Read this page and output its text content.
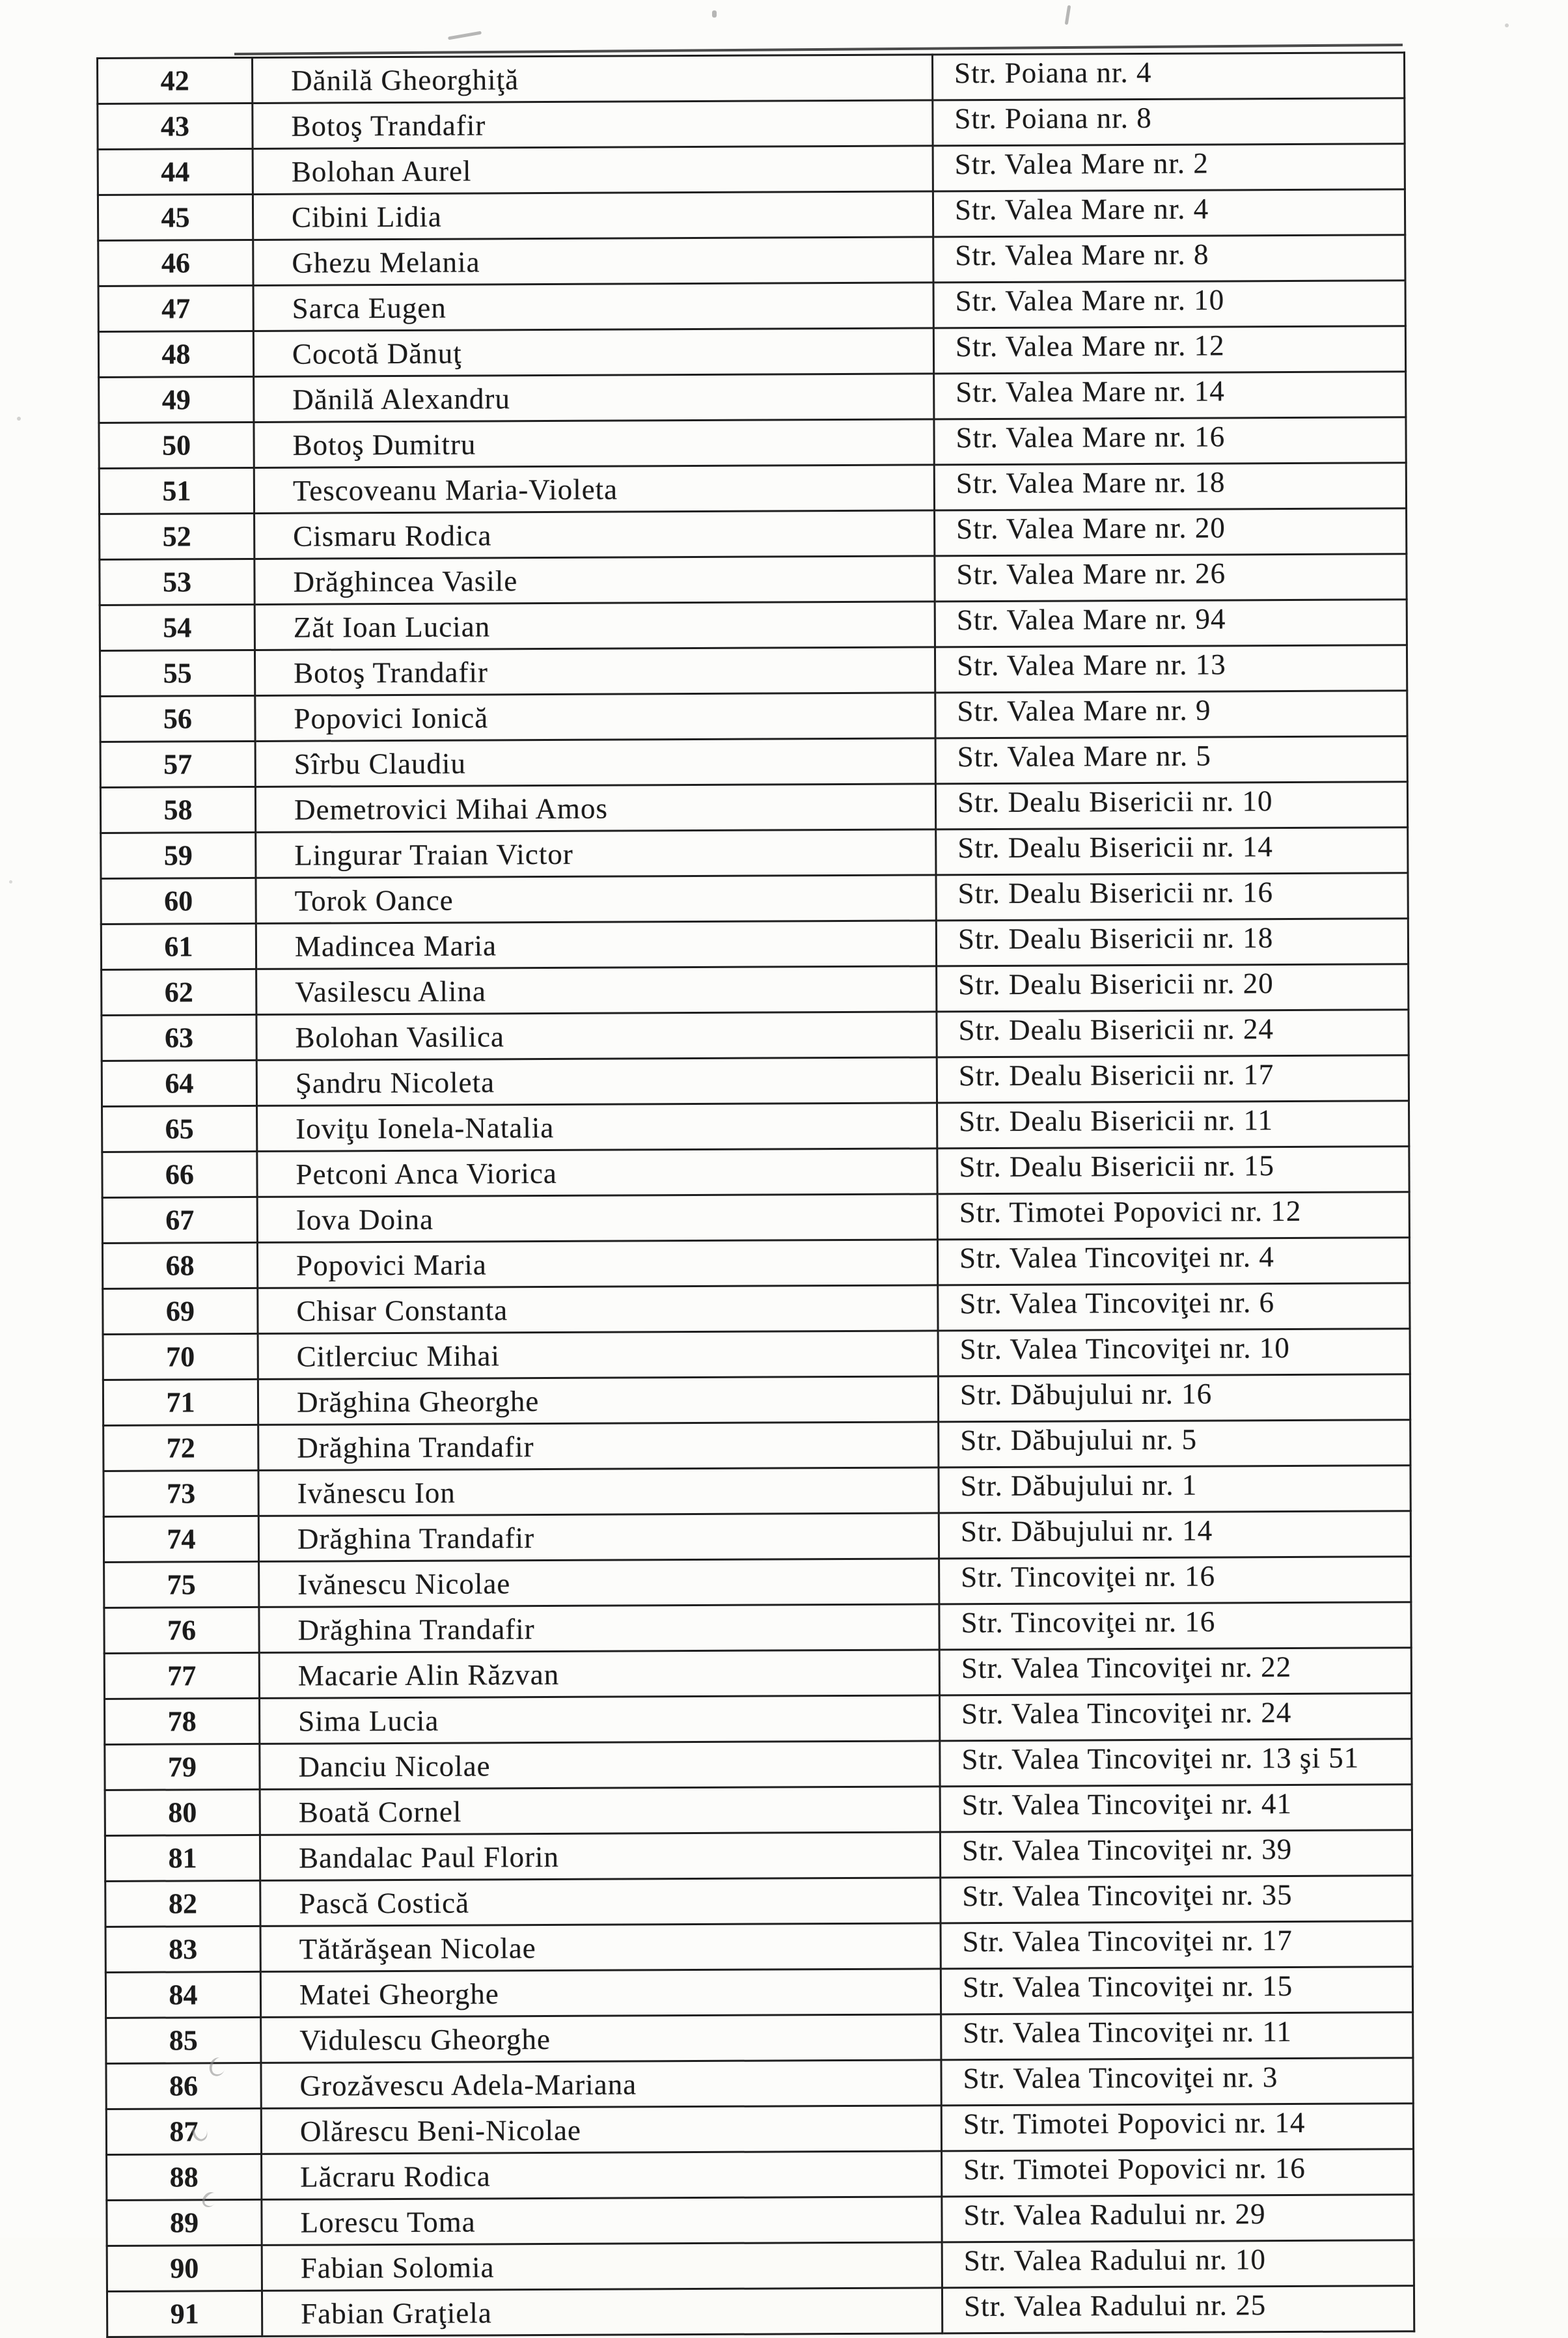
42	Dănilă Gheorghiţă	Str. Poiana nr. 4
43	Botoş Trandafir	Str. Poiana nr. 8
44	Bolohan Aurel	Str. Valea Mare nr. 2
45	Cibini Lidia	Str. Valea Mare nr. 4
46	Ghezu Melania	Str. Valea Mare nr. 8
47	Sarca Eugen	Str. Valea Mare nr. 10
48	Cocotă Dănuţ	Str. Valea Mare nr. 12
49	Dănilă Alexandru	Str. Valea Mare nr. 14
50	Botoş Dumitru	Str. Valea Mare nr. 16
51	Tescoveanu Maria-Violeta	Str. Valea Mare nr. 18
52	Cismaru Rodica	Str. Valea Mare nr. 20
53	Drăghincea Vasile	Str. Valea Mare nr. 26
54	Zăt Ioan Lucian	Str. Valea Mare nr. 94
55	Botoş Trandafir	Str. Valea Mare nr. 13
56	Popovici Ionică	Str. Valea Mare nr. 9
57	Sîrbu Claudiu	Str. Valea Mare nr. 5
58	Demetrovici Mihai Amos	Str. Dealu Bisericii nr. 10
59	Lingurar Traian Victor	Str. Dealu Bisericii nr. 14
60	Torok Oance	Str. Dealu Bisericii nr. 16
61	Madincea Maria	Str. Dealu Bisericii nr. 18
62	Vasilescu Alina	Str. Dealu Bisericii nr. 20
63	Bolohan Vasilica	Str. Dealu Bisericii nr. 24
64	Şandru Nicoleta	Str. Dealu Bisericii nr. 17
65	Ioviţu Ionela-Natalia	Str. Dealu Bisericii nr. 11
66	Petconi Anca Viorica	Str. Dealu Bisericii nr. 15
67	Iova Doina	Str. Timotei Popovici nr. 12
68	Popovici Maria	Str. Valea Tincoviţei nr. 4
69	Chisar Constanta	Str. Valea Tincoviţei nr. 6
70	Citlerciuc Mihai	Str. Valea Tincoviţei nr. 10
71	Drăghina Gheorghe	Str. Dăbujului nr. 16
72	Drăghina Trandafir	Str. Dăbujului nr. 5
73	Ivănescu Ion	Str. Dăbujului nr. 1
74	Drăghina Trandafir	Str. Dăbujului nr. 14
75	Ivănescu Nicolae	Str. Tincoviţei nr. 16
76	Drăghina Trandafir	Str. Tincoviţei nr. 16
77	Macarie Alin Răzvan	Str. Valea Tincoviţei nr. 22
78	Sima Lucia	Str. Valea Tincoviţei nr. 24
79	Danciu Nicolae	Str. Valea Tincoviţei nr. 13 şi 51
80	Boată Cornel	Str. Valea Tincoviţei nr. 41
81	Bandalac Paul Florin	Str. Valea Tincoviţei nr. 39
82	Pască Costică	Str. Valea Tincoviţei nr. 35
83	Tătărăşean Nicolae	Str. Valea Tincoviţei nr. 17
84	Matei Gheorghe	Str. Valea Tincoviţei nr. 15
85	Vidulescu Gheorghe	Str. Valea Tincoviţei nr. 11
86	Grozăvescu Adela-Mariana	Str. Valea Tincoviţei nr. 3
87	Olărescu Beni-Nicolae	Str. Timotei Popovici nr. 14
88	Lăcraru Rodica	Str. Timotei Popovici nr. 16
89	Lorescu Toma	Str. Valea Radului nr. 29
90	Fabian Solomia	Str. Valea Radului nr. 10
91	Fabian Graţiela	Str. Valea Radului nr. 25
